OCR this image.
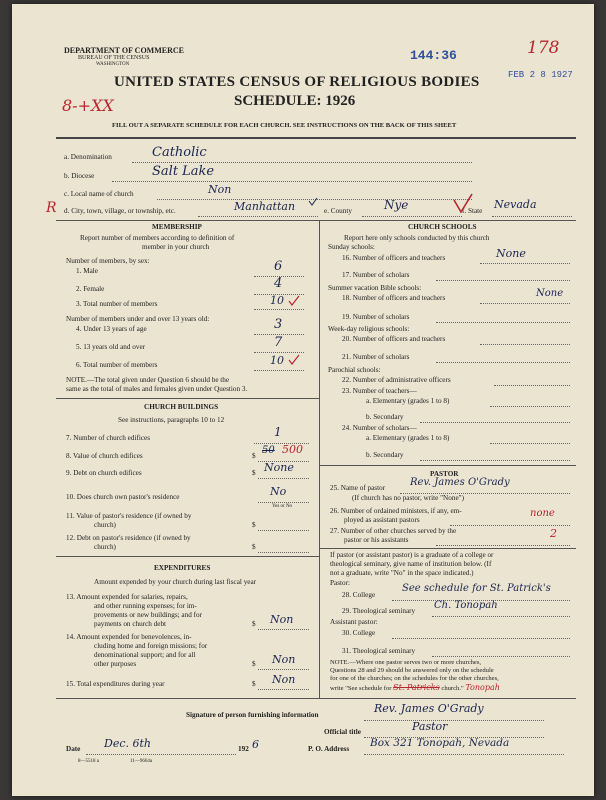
DEPARTMENT OF COMMERCE
BUREAU OF THE CENSUS
WASHINGTON
144:36	178
FEB 2 8 1927
UNITED STATES CENSUS OF RELIGIOUS BODIES
SCHEDULE: 1926
8-+XX
FILL OUT A SEPARATE SCHEDULE FOR EACH CHURCH. SEE INSTRUCTIONS ON THE BACK OF THIS SHEET
a. Denomination	Catholic
b. Diocese	Salt Lake
c. Local name of church	Non
R d. City, town, village, or township, etc.	Manhattan	e. County	Nye	f. State Nevada
MEMBERSHIP
Report number of members according to definition of
member in your church
Number of members, by sex:
1. Male	6
2. Female	4
3. Total number of members	10
Number of members under and over 13 years old:
4. Under 13 years of age	3
5. 13 years old and over	7
6. Total number of members	10
NOTE.—The total given under Question 6 should be the
same as the total of males and females given under Question 3.
CHURCH BUILDINGS
See instructions, paragraphs 10 to 12
7. Number of church edifices	1
8. Value of church edifices	$ 50 500
9. Debt on church edifices	$ None
10. Does church own pastor's residence	No
Yes or No
11. Value of pastor's residence (if owned by
church)	$
12. Debt on pastor's residence (if owned by
church)	$
EXPENDITURES
Amount expended by your church during last fiscal year
13. Amount expended for salaries, repairs,
and other running expenses; for im-
provements or new buildings; and for
payments on church debt	$ Non
14. Amount expended for benevolences, in-
cluding home and foreign missions; for
denominational support; and for all
other purposes	$ Non
15. Total expenditures during year	$ Non
CHURCH SCHOOLS
Report here only schools conducted by this church
Sunday schools:
16. Number of officers and teachers	None
17. Number of scholars
Summer vacation Bible schools:
18. Number of officers and teachers	None
19. Number of scholars
Week-day religious schools:
20. Number of officers and teachers
21. Number of scholars
Parochial schools:
22. Number of administrative officers
23. Number of teachers—
a. Elementary (grades 1 to 8)
b. Secondary
24. Number of scholars—
a. Elementary (grades 1 to 8)
b. Secondary
PASTOR
25. Name of pastor Rev. James O'Grady
(If church has no pastor, write "None")
26. Number of ordained ministers, if any, em-
ployed as assistant pastors
none
27. Number of other churches served by the
pastor or his assistants	2
If pastor (or assistant pastor) is a graduate of a college or
theological seminary, give name of institution below. (If
not a graduate, write "No" in the space indicated.)
Pastor:
28. College
See schedule for St. Patrick's
29. Theological seminary Ch. Tonopah
Assistant pastor:
30. College
31. Theological seminary
NOTE.—Where one pastor serves two or more churches,
Questions 28 and 29 should be answered only on the schedule
for one of the churches; on the schedules for the other churches,
write "See schedule for St. Patricks church." Tonopah
Signature of person furnishing information	Rev. James O'Grady
Official title	Pastor
Date Dec. 6th	192 6	P. O. Address Box 321 Tonopah, Nevada
8—5518 a	11—9664a
